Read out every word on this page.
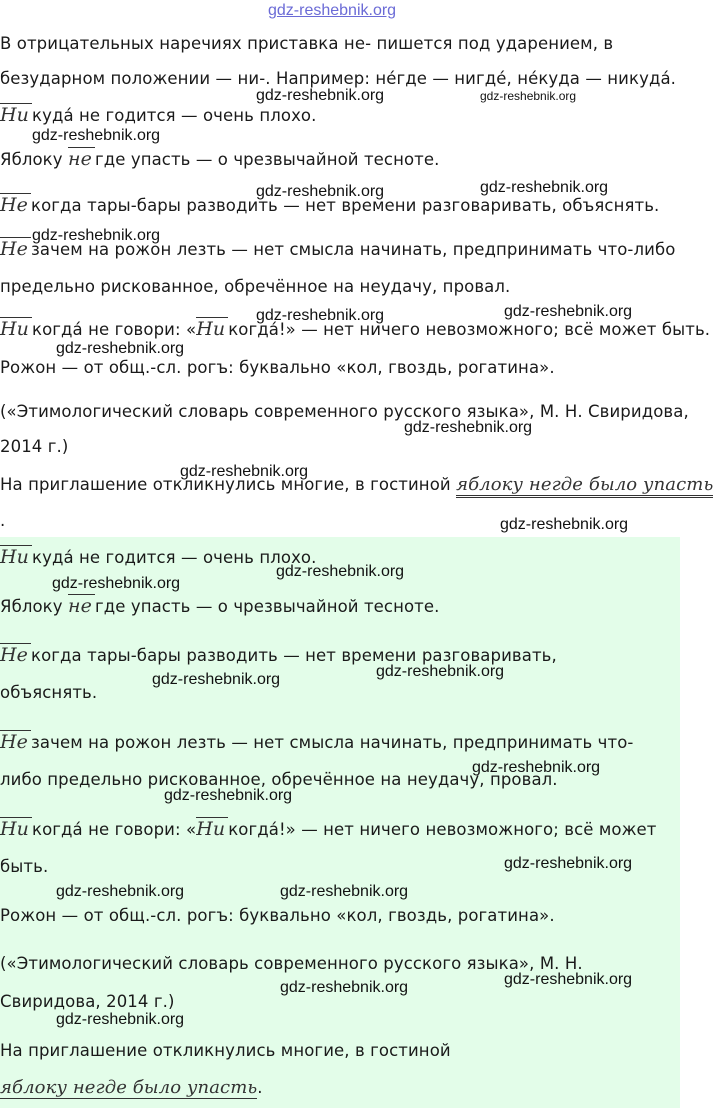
gdz-reshebnik.org
В отрицательных наречиях приставка не- пишется под ударением, в
безударном положении — ни-. Например: не́где — нигде́, не́куда — никуда́.
Ни куда́ не годится — очень плохо.
Яблоку не где упасть — о чрезвычайной тесноте.
Не когда тары-бары разводить — нет времени разговаривать, объяснять.
Не зачем на рожон лезть — нет смысла начинать, предпринимать что-либо
предельно рискованное, обречённое на неудачу, провал.
Ни когда́ не говори: «Ни когда́!» — нет ничего невозможного; всё может быть.
Рожон — от общ.-сл. рогъ: буквально «кол, гвоздь, рогатина».
(«Этимологический словарь современного русского языка», М. Н. Свиридова,
2014 г.)
На приглашение откликнулись многие, в гостиной яблоку негде было упасть
.
Ни куда́ не годится — очень плохо.
Яблоку не где упасть — о чрезвычайной тесноте.
Не когда тары-бары разводить — нет времени разговаривать,
объяснять.
Не зачем на рожон лезть — нет смысла начинать, предпринимать что-
либо предельно рискованное, обречённое на неудачу, провал.
Ни когда́ не говори: «Ни когда́!» — нет ничего невозможного; всё может
быть.
Рожон — от общ.-сл. рогъ: буквально «кол, гвоздь, рогатина».
(«Этимологический словарь современного русского языка», М. Н.
Свиридова, 2014 г.)
На приглашение откликнулись многие, в гостиной
яблоку негде было упасть.
gdz-reshebnik.org	gdz-reshebnik.org
gdz-reshebnik.org
gdz-reshebnik.org	gdz-reshebnik.org
gdz-reshebnik.org
gdz-reshebnik.org	gdz-reshebnik.org
gdz-reshebnik.org
gdz-reshebnik.org
gdz-reshebnik.org
gdz-reshebnik.org
gdz-reshebnik.org
gdz-reshebnik.org
gdz-reshebnik.org	gdz-reshebnik.org
gdz-reshebnik.org
gdz-reshebnik.org
gdz-reshebnik.org
gdz-reshebnik.org	gdz-reshebnik.org
gdz-reshebnik.org
gdz-reshebnik.org
gdz-reshebnik.org
